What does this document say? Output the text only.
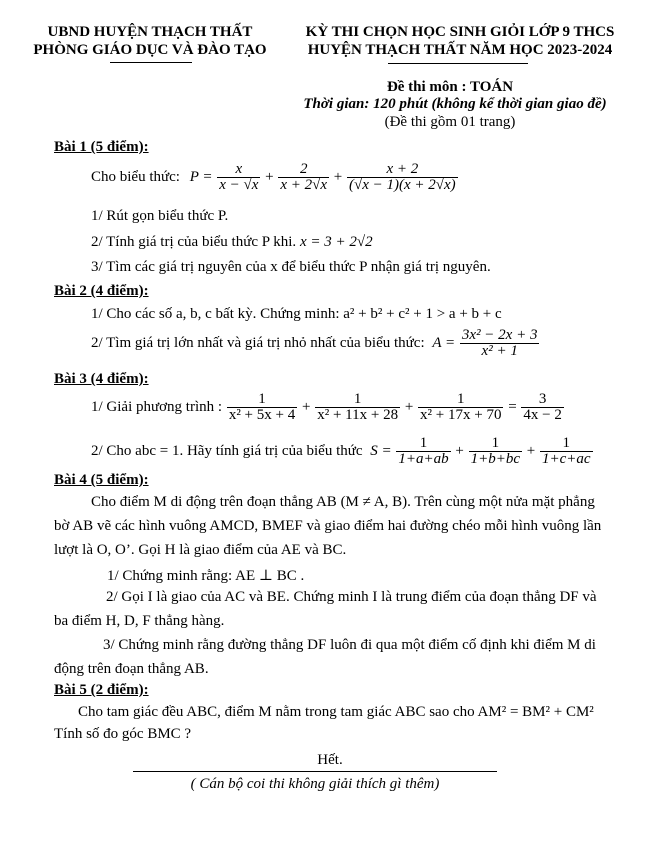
UBND HUYỆN THẠCH THẤT
PHÒNG GIÁO DỤC VÀ ĐÀO TẠO
KỲ THI CHỌN HỌC SINH GIỎI LỚP 9 THCS
HUYỆN THẠCH THẤT NĂM HỌC 2023-2024
Đề thi môn : TOÁN
Thời gian: 120 phút (không kể thời gian giao đề)
(Đề thi gồm 01 trang)
Bài 1 (5 điểm):
Cho biểu thức: $P = \frac{x}{x - √x} + \frac{2}{x + 2√x} + \frac{x + 2}{(√x - 1)(x + 2√x)}$
1/ Rút gọn biểu thức P.
2/ Tính giá trị của biểu thức P khi. x = 3 + 2√2
3/ Tìm các giá trị nguyên của x để biểu thức P nhận giá trị nguyên.
Bài 2 (4 điểm):
1/ Cho các số a, b, c bất kỳ. Chứng minh: a² + b² + c² + 1 > a + b + c
2/ Tìm giá trị lớn nhất và giá trị nhỏ nhất của biểu thức: $A = \frac{\text{3x² − 2x + 3}}{\text{x² + 1}}$
Bài 3 (4 điểm):
1/ Giải phương trình : $\frac{1}{\text{x² + 5x + 4}} + \frac{1}{\text{x² + 11x + 28}} + \frac{1}{\text{x² + 17x + 70}} = \frac{3}{4x - 2}$
2/ Cho abc = 1. Hãy tính giá trị của biểu thức $S = \frac{1}{1+a+ab} + \frac{1}{1+b+bc} + \frac{1}{1+c+ac}$
Bài 4 (5 điểm):
Cho điểm M di động trên đoạn thẳng AB (M ≠ A, B). Trên cùng một nửa mặt phẳng bờ AB vẽ các hình vuông AMCD, BMEF và giao điểm hai đường chéo mỗi hình vuông lần lượt là O, O’. Gọi H là giao điểm của AE và BC.
1/ Chứng minh rằng: AE ⊥ BC .
2/ Gọi I là giao của AC và BE. Chứng minh I là trung điểm của đoạn thẳng DF và ba điểm H, D, F thẳng hàng.
3/ Chứng minh rằng đường thẳng DF luôn đi qua một điểm cố định khi điểm M di động trên đoạn thẳng AB.
Bài 5 (2 điểm):
Cho tam giác đều ABC, điểm M nằm trong tam giác ABC sao cho AM² = BM² + CM²
Tính số đo góc BMC ?
Hết.
( Cán bộ coi thi không giải thích gì thêm)
